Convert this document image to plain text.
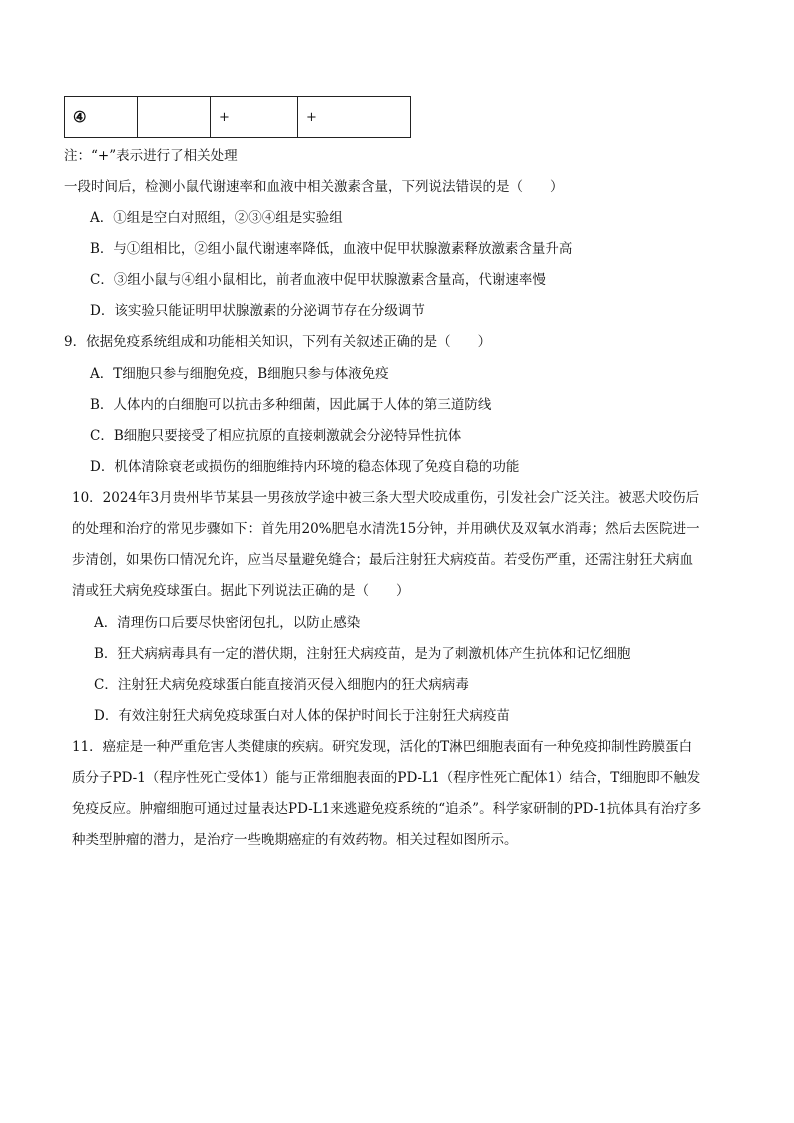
④		+	+
注：“+”表示进行了相关处理
一段时间后，检测小鼠代谢速率和血液中相关激素含量，下列说法错误的是（　　）
A．①组是空白对照组，②③④组是实验组
B．与①组相比，②组小鼠代谢速率降低，血液中促甲状腺激素释放激素含量升高
C．③组小鼠与④组小鼠相比，前者血液中促甲状腺激素含量高，代谢速率慢
D．该实验只能证明甲状腺激素的分泌调节存在分级调节
9．依据免疫系统组成和功能相关知识，下列有关叙述正确的是（　　）
A．T细胞只参与细胞免疫，B细胞只参与体液免疫
B．人体内的白细胞可以抗击多种细菌，因此属于人体的第三道防线
C．B细胞只要接受了相应抗原的直接刺激就会分泌特异性抗体
D．机体清除衰老或损伤的细胞维持内环境的稳态体现了免疫自稳的功能
10．2024年3月贵州毕节某县一男孩放学途中被三条大型犬咬成重伤，引发社会广泛关注。被恶犬咬伤后
的处理和治疗的常见步骤如下：首先用20%肥皂水清洗15分钟，并用碘伏及双氧水消毒；然后去医院进一
步清创，如果伤口情况允许，应当尽量避免缝合；最后注射狂犬病疫苗。若受伤严重，还需注射狂犬病血
清或狂犬病免疫球蛋白。据此下列说法正确的是（　　）
A．清理伤口后要尽快密闭包扎，以防止感染
B．狂犬病病毒具有一定的潜伏期，注射狂犬病疫苗，是为了刺激机体产生抗体和记忆细胞
C．注射狂犬病免疫球蛋白能直接消灭侵入细胞内的狂犬病病毒
D．有效注射狂犬病免疫球蛋白对人体的保护时间长于注射狂犬病疫苗
11．癌症是一种严重危害人类健康的疾病。研究发现，活化的T淋巴细胞表面有一种免疫抑制性跨膜蛋白
质分子PD-1（程序性死亡受体1）能与正常细胞表面的PD-L1（程序性死亡配体1）结合，T细胞即不触发
免疫反应。肿瘤细胞可通过过量表达PD-L1来逃避免疫系统的“追杀”。科学家研制的PD-1抗体具有治疗多
种类型肿瘤的潜力，是治疗一些晚期癌症的有效药物。相关过程如图所示。
